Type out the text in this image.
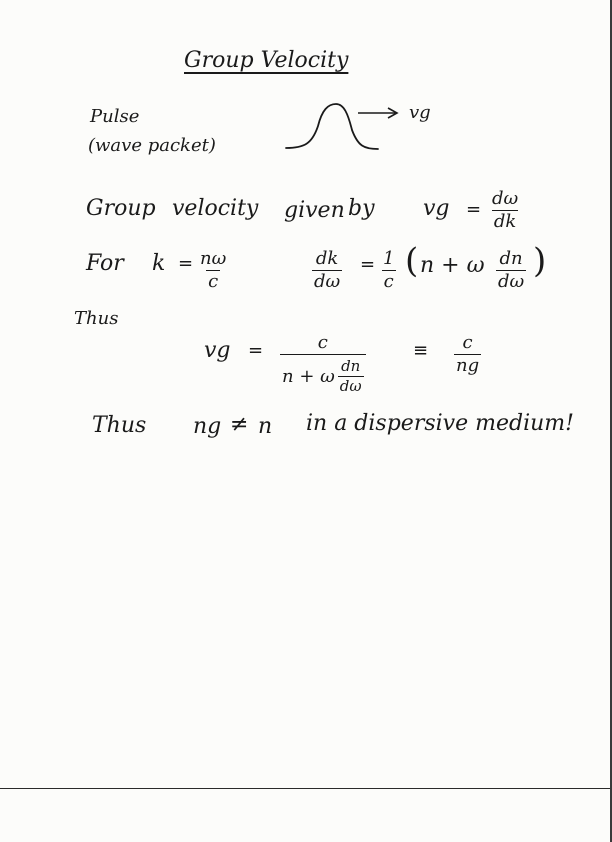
Group Velocity
Pulse
(wave packet)
vg
Group velocity given by vg = $\frac{d\omega}{dk}$
For $k = \frac{n\omega}{c}$	$\frac{dk}{d\omega} = \frac{1}{c}$ ( n + ω $\frac{dn}{d\omega}$ )
Thus
vg = $\frac{c}{n + \omega \frac{dn}{d\omega}}$	≡ $\frac{c}{ng}$
Thus ng ≠ n in a dispersive medium!
